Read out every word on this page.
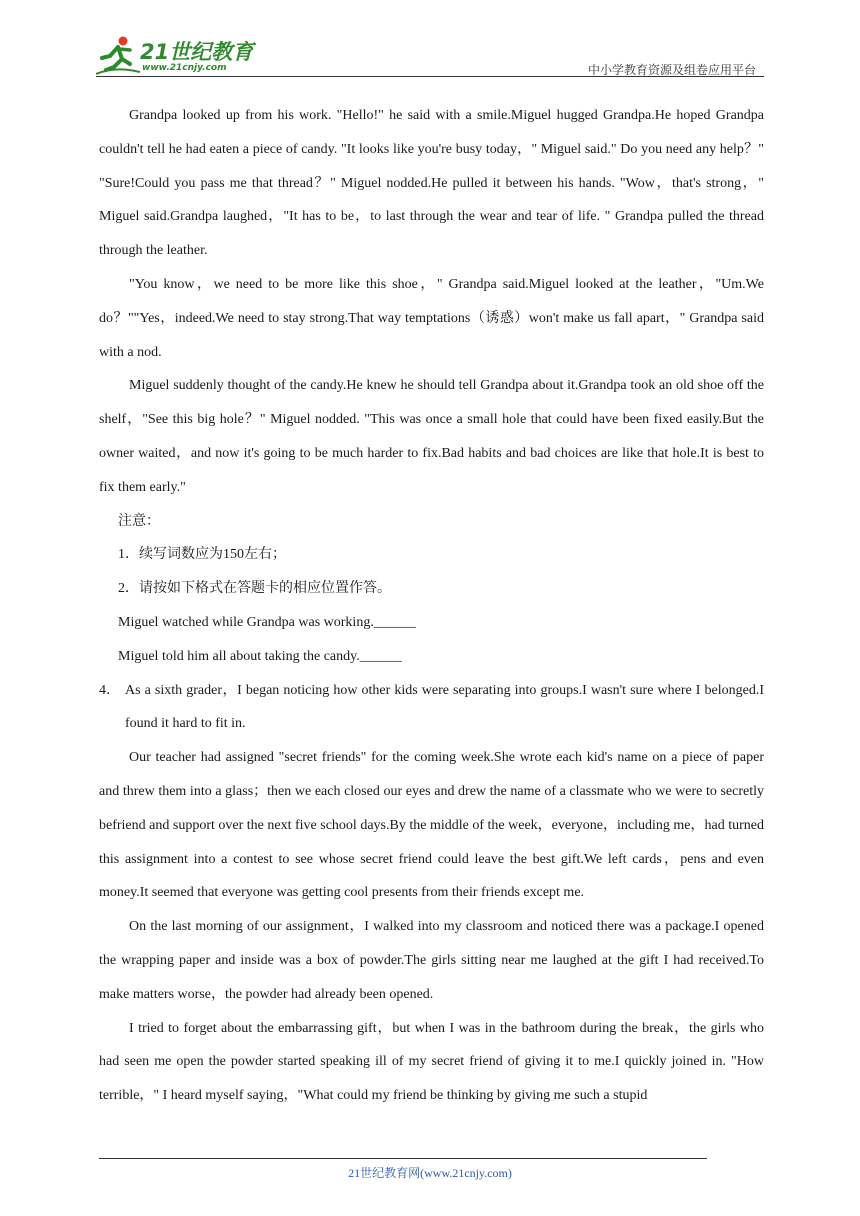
21世纪教育
www.21cnjy.com	中小学教育资源及组卷应用平台

Grandpa looked up from his work. "Hello!" he said with a smile.Miguel hugged Grandpa.He hoped Grandpa couldn't tell he had eaten a piece of candy. "It looks like you're busy today，" Miguel said." Do you need any help？" "Sure!Could you pass me that thread？" Miguel nodded.He pulled it between his hands. "Wow，that's strong，" Miguel said.Grandpa laughed，"It has to be，to last through the wear and tear of life. " Grandpa pulled the thread through the leather.

"You know，we need to be more like this shoe，" Grandpa said.Miguel looked at the leather，"Um.We do？""Yes，indeed.We need to stay strong.That way temptations（诱惑）won't make us fall apart，" Grandpa said with a nod.

Miguel suddenly thought of the candy.He knew he should tell Grandpa about it.Grandpa took an old shoe off the shelf，"See this big hole？" Miguel nodded. "This was once a small hole that could have been fixed easily.But the owner waited，and now it's going to be much harder to fix.Bad habits and bad choices are like that hole.It is best to fix them early."

注意：

1．续写词数应为150左右；

2．请按如下格式在答题卡的相应位置作答。

Miguel watched while Grandpa was working.______

Miguel told him all about taking the candy.______

4． As a sixth grader，I began noticing how other kids were separating into groups.I wasn't sure where I belonged.I found it hard to fit in.

Our teacher had assigned "secret friends" for the coming week.She wrote each kid's name on a piece of paper and threw them into a glass；then we each closed our eyes and drew the name of a classmate who we were to secretly befriend and support over the next five school days.By the middle of the week，everyone，including me，had turned this assignment into a contest to see whose secret friend could leave the best gift.We left cards，pens and even money.It seemed that everyone was getting cool presents from their friends except me.

On the last morning of our assignment，I walked into my classroom and noticed there was a package.I opened the wrapping paper and inside was a box of powder.The girls sitting near me laughed at the gift I had received.To make matters worse，the powder had already been opened.

I tried to forget about the embarrassing gift，but when I was in the bathroom during the break，the girls who had seen me open the powder started speaking ill of my secret friend of giving it to me.I quickly joined in. "How terrible，" I heard myself saying，"What could my friend be thinking by giving me such a stupid

21世纪教育网(www.21cnjy.com)
